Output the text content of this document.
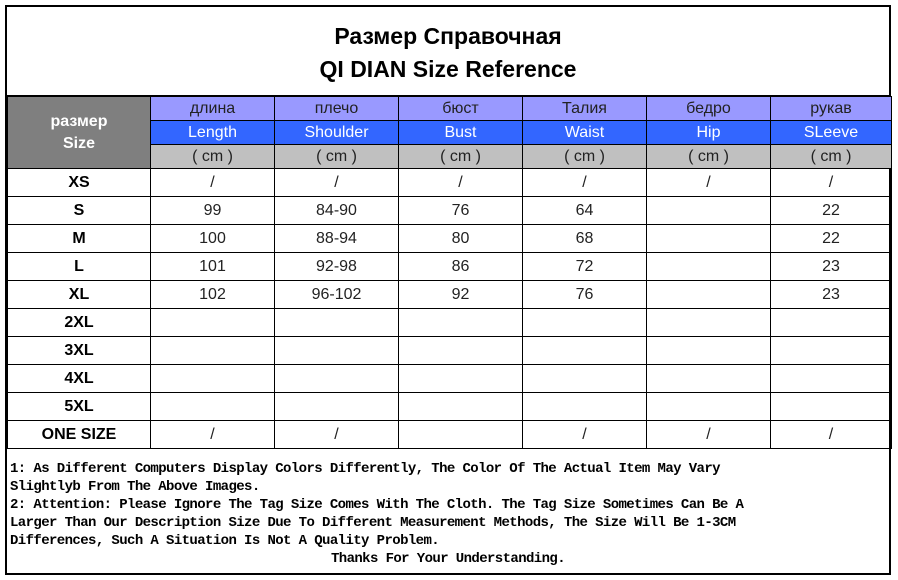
Размер Справочная
QI DIAN Size Reference
размер
Size	длина	плечо	бюст	Талия	бедро	рукав
	Length	Shoulder	Bust	Waist	Hip	SLeeve
	( cm )	( cm )	( cm )	( cm )	( cm )	( cm )
XS	/	/	/	/	/	/
S	99	84-90	76	64		22
M	100	88-94	80	68		22
L	101	92-98	86	72		23
XL	102	96-102	92	76		23
2XL						
3XL						
4XL						
5XL						
ONE SIZE	/	/		/	/	/
1: As Different Computers Display Colors Differently, The Color Of The Actual Item May Vary
Slightlyb From The Above Images.
2: Attention: Please Ignore The Tag Size Comes With The Cloth. The Tag Size Sometimes Can Be A
Larger Than Our Description Size Due To Different Measurement Methods, The Size Will Be 1-3CM
Differences, Such A Situation Is Not A Quality Problem.
Thanks For Your Understanding.
